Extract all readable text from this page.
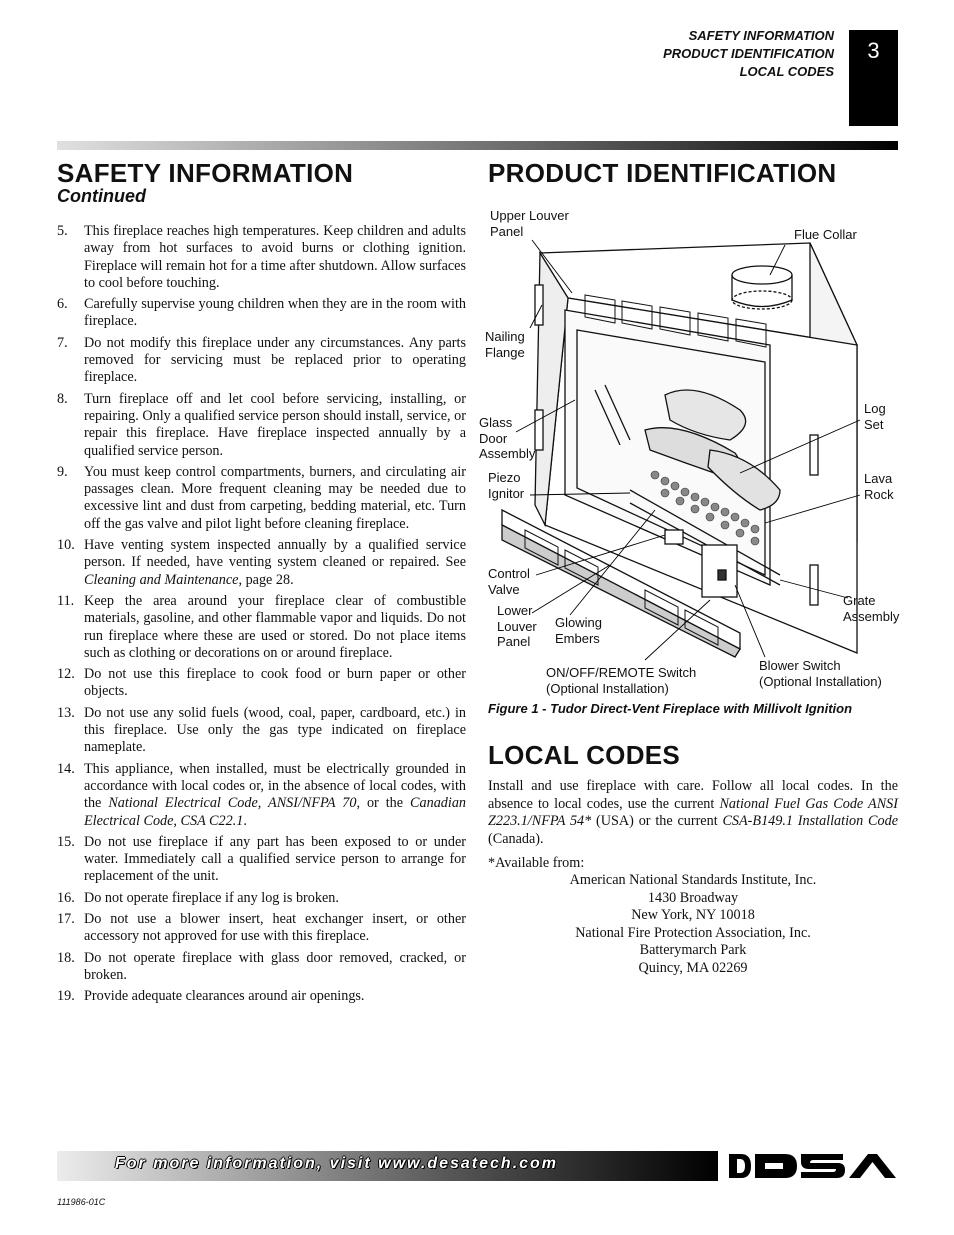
SAFETY INFORMATION
PRODUCT IDENTIFICATION
LOCAL CODES
3
SAFETY INFORMATION
Continued
5. This fireplace reaches high temperatures. Keep children and adults away from hot surfaces to avoid burns or clothing ignition. Fireplace will remain hot for a time after shutdown. Allow surfaces to cool before touching.
6. Carefully supervise young children when they are in the room with fireplace.
7. Do not modify this fireplace under any circumstances. Any parts removed for servicing must be replaced prior to operating fireplace.
8. Turn fireplace off and let cool before servicing, installing, or repairing. Only a qualified service person should install, service, or repair this fireplace. Have fireplace inspected annually by a qualified service person.
9. You must keep control compartments, burners, and circulating air passages clean. More frequent cleaning may be needed due to excessive lint and dust from carpeting, bedding material, etc. Turn off the gas valve and pilot light before cleaning fireplace.
10. Have venting system inspected annually by a qualified service person. If needed, have venting system cleaned or repaired. See Cleaning and Maintenance, page 28.
11. Keep the area around your fireplace clear of combustible materials, gasoline, and other flammable vapor and liquids. Do not run fireplace where these are used or stored. Do not place items such as clothing or decorations on or around fireplace.
12. Do not use this fireplace to cook food or burn paper or other objects.
13. Do not use any solid fuels (wood, coal, paper, cardboard, etc.) in this fireplace. Use only the gas type indicated on fireplace nameplate.
14. This appliance, when installed, must be electrically grounded in accordance with local codes or, in the absence of local codes, with the National Electrical Code, ANSI/NFPA 70, or the Canadian Electrical Code, CSA C22.1.
15. Do not use fireplace if any part has been exposed to or under water. Immediately call a qualified service person to arrange for replacement of the unit.
16. Do not operate fireplace if any log is broken.
17. Do not use a blower insert, heat exchanger insert, or other accessory not approved for use with this fireplace.
18. Do not operate fireplace with glass door removed, cracked, or broken.
19. Provide adequate clearances around air openings.
PRODUCT IDENTIFICATION
Upper Louver
Panel	Flue Collar
Nailing
Flange
Log
Set
Glass
Door
Assembly
Lava
Rock
Piezo
Ignitor
Control
Valve
Grate
Assembly
Lower
Louver
Panel
Glowing
Embers
ON/OFF/REMOTE Switch
(Optional Installation)
Blower Switch
(Optional Installation)
Figure 1 - Tudor Direct-Vent Fireplace with Millivolt Ignition
LOCAL CODES
Install and use fireplace with care. Follow all local codes. In the absence to local codes, use the current National Fuel Gas Code ANSI Z223.1/NFPA 54* (USA) or the current CSA-B149.1 Installation Code (Canada).
*Available from:
American National Standards Institute, Inc.
1430 Broadway
New York, NY 10018
National Fire Protection Association, Inc.
Batterymarch Park
Quincy, MA 02269
For more information, visit www.desatech.com
111986-01C
DESA
